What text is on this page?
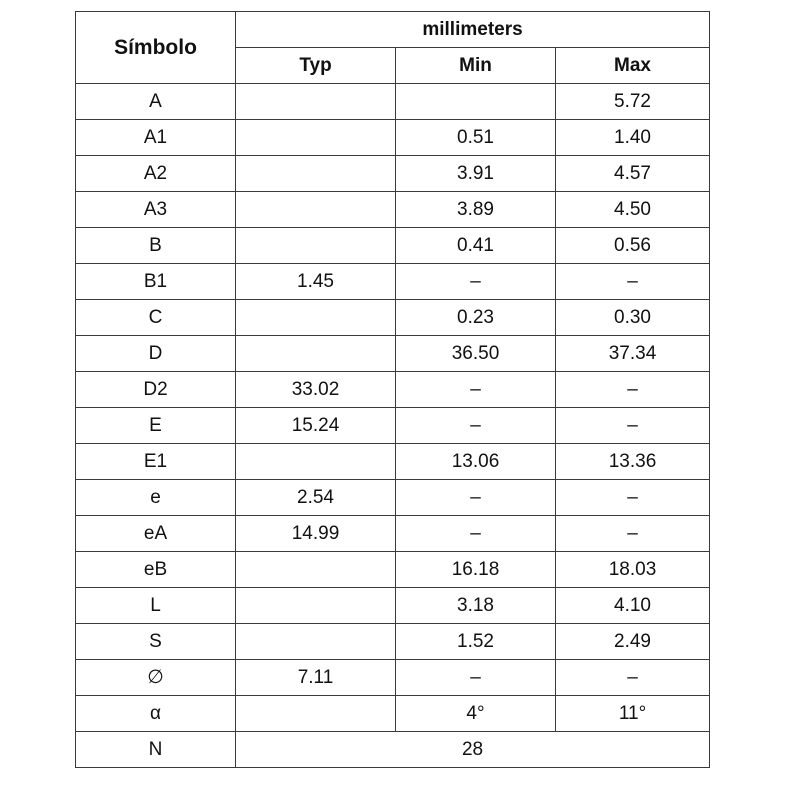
Símbolo	millimeters		
	Typ	Min	Max
A			5.72
A1		0.51	1.40
A2		3.91	4.57
A3		3.89	4.50
B		0.41	0.56
B1	1.45	–	–
C		0.23	0.30
D		36.50	37.34
D2	33.02	–	–
E	15.24	–	–
E1		13.06	13.36
e	2.54	–	–
eA	14.99	–	–
eB		16.18	18.03
L		3.18	4.10
S		1.52	2.49
∅	7.11	–	–
α		4°	11°
N	28		
